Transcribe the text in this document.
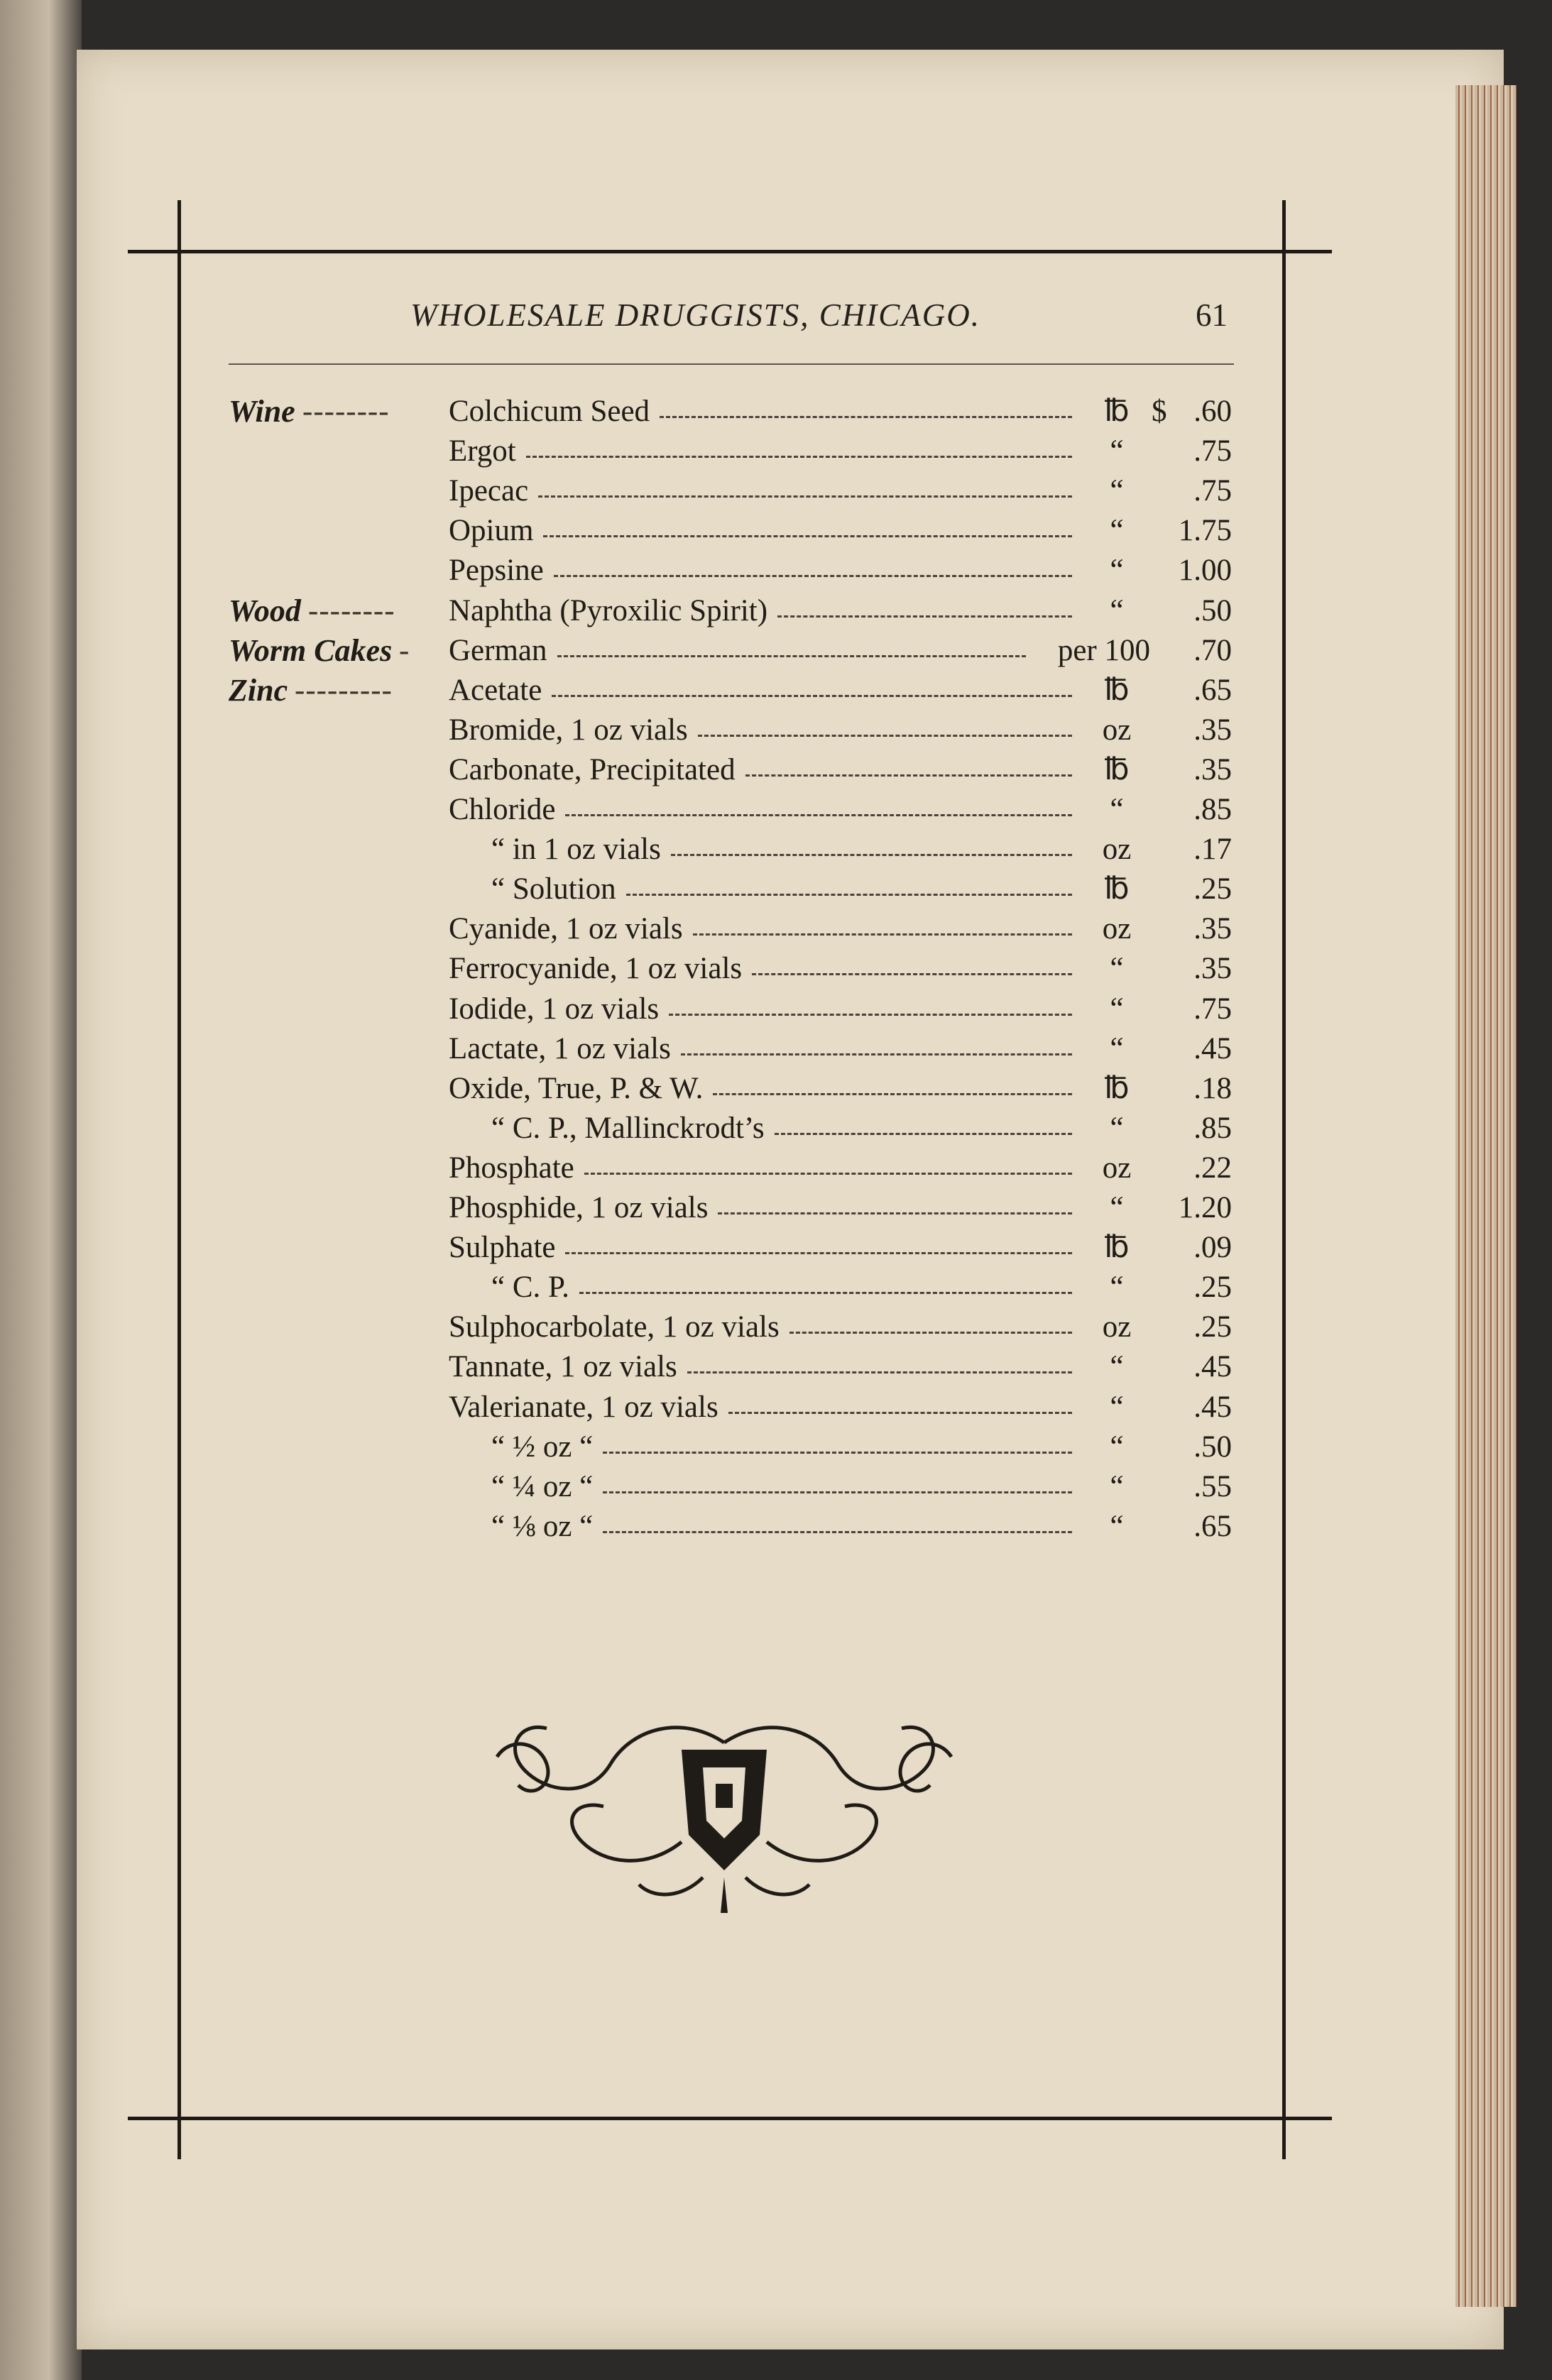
WHOLESALE DRUGGISTS, CHICAGO.	61
Wine -------- Colchicum Seed	℔ $ .60
Ergot	“	.75
Ipecac	“	.75
Opium	“	1.75
Pepsine	“	1.00
Wood -------- Naphtha (Pyroxilic Spirit)	“	.50
Worm Cakes - German	per 100	.70
Zinc --------- Acetate	℔	.65
Bromide, 1 oz vials	oz	.35
Carbonate, Precipitated	℔	.35
Chloride	“	.85
“ in 1 oz vials	oz	.17
“ Solution	℔	.25
Cyanide, 1 oz vials	oz	.35
Ferrocyanide, 1 oz vials	“	.35
Iodide, 1 oz vials	“	.75
Lactate, 1 oz vials	“	.45
Oxide, True, P. & W.	℔	.18
“ C. P., Mallinckrodt’s	“	.85
Phosphate	oz	.22
Phosphide, 1 oz vials	“	1.20
Sulphate	℔	.09
“ C. P.	“	.25
Sulphocarbolate, 1 oz vials	oz	.25
Tannate, 1 oz vials	“	.45
Valerianate, 1 oz vials	“	.45
“ ½ oz “	“	.50
“ ¼ oz “	“	.55
“ ⅛ oz “	“	.65
